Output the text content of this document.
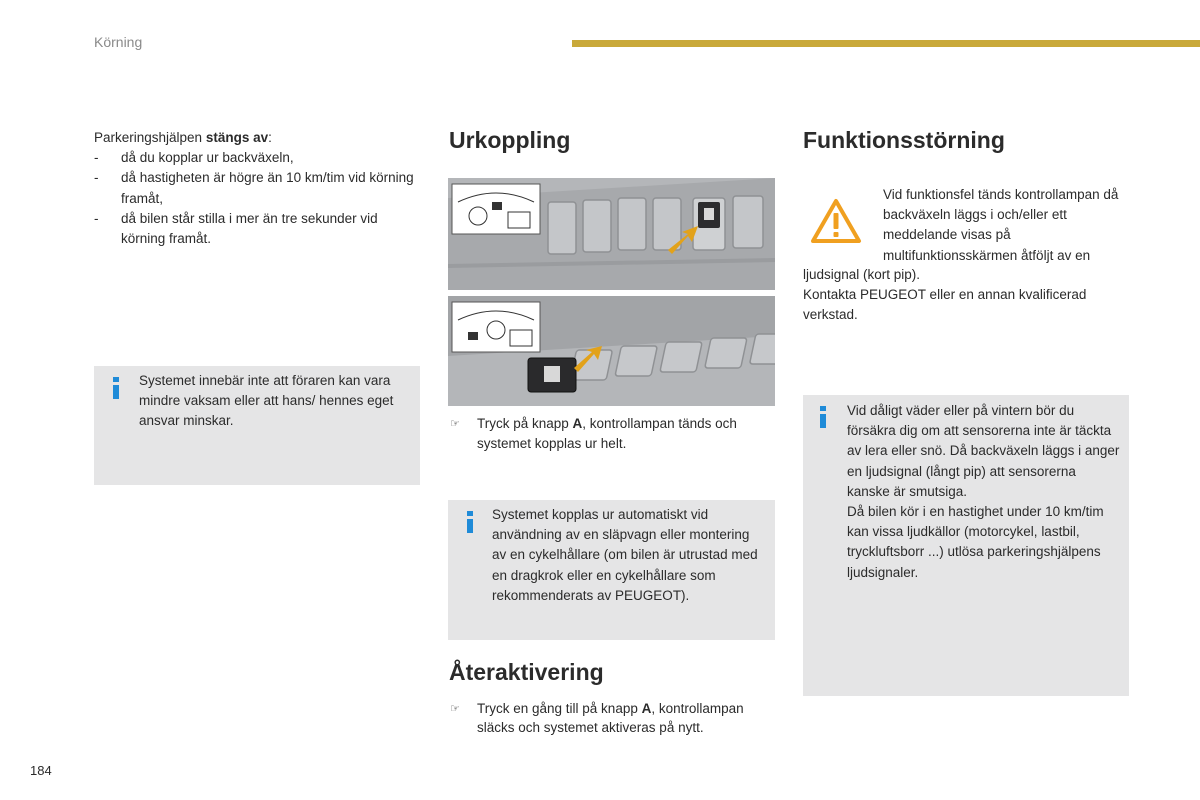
Körning

Parkeringshjälpen stängs av:

- då du kopplar ur backväxeln,
- då hastigheten är högre än 10 km/tim vid körning framåt,
- då bilen står stilla i mer än tre sekunder vid körning framåt.
Systemet innebär inte att föraren kan vara mindre vaksam eller att hans/ hennes eget ansvar minskar.
Urkoppling
☞ Tryck på knapp A, kontrollampan tänds och systemet kopplas ur helt.
Systemet kopplas ur automatiskt vid användning av en släpvagn eller montering av en cykelhållare (om bilen är utrustad med en dragkrok eller en cykelhållare som rekommenderats av PEUGEOT).
Återaktivering
☞ Tryck en gång till på knapp A, kontrollampan släcks och systemet aktiveras på nytt.
Funktionsstörning
Vid funktionsfel tänds kontrollampan då backväxeln läggs i och/eller ett meddelande visas på multifunktionsskärmen åtföljt av en

ljudsignal (kort pip).

Kontakta PEUGEOT eller en annan kvalificerad verkstad.

Vid dåligt väder eller på vintern bör du försäkra dig om att sensorerna inte är täckta av lera eller snö. Då backväxeln läggs i anger en ljudsignal (långt pip) att sensorerna kanske är smutsiga.

Då bilen kör i en hastighet under 10 km/tim kan vissa ljudkällor (motorcykel, lastbil, tryckluftsborr ...) utlösa parkeringshjälpens ljudsignaler.

184
